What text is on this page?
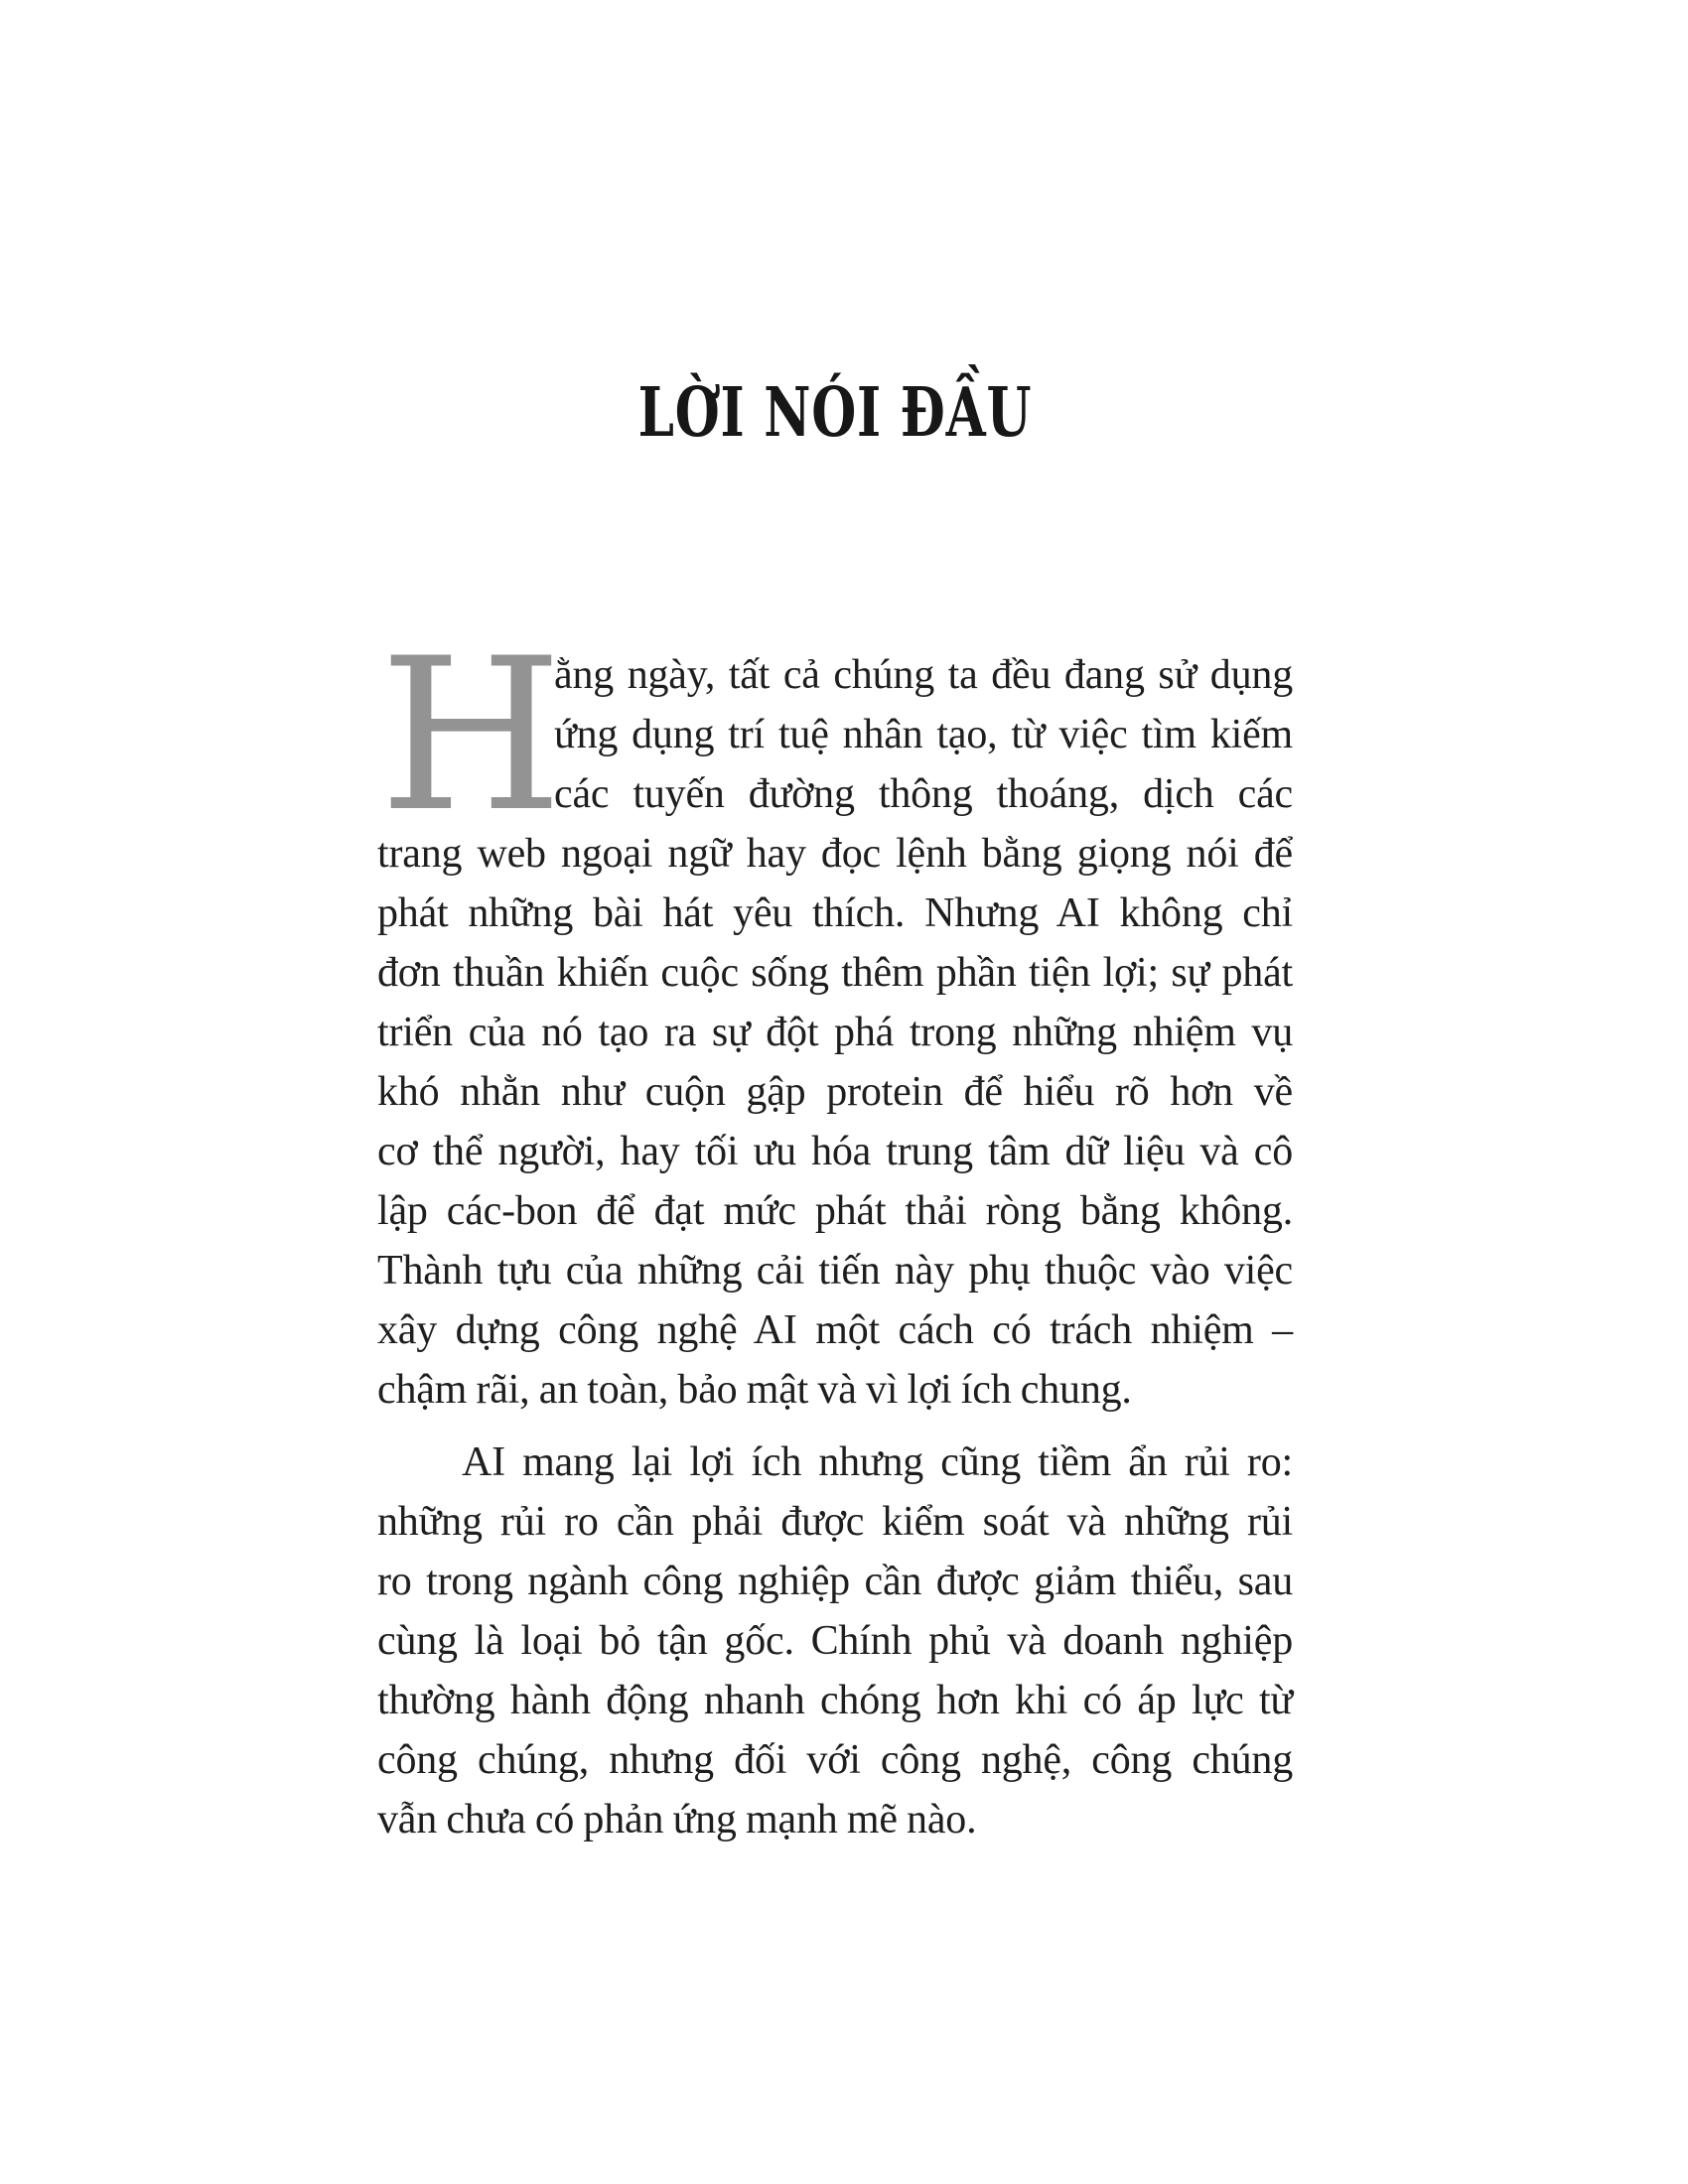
LỜI NÓI ĐẦU
H
ằng ngày, tất cả chúng ta đều đang sử dụng
ứng dụng trí tuệ nhân tạo, từ việc tìm kiếm
các tuyến đường thông thoáng, dịch các
trang web ngoại ngữ hay đọc lệnh bằng giọng nói để
phát những bài hát yêu thích. Nhưng AI không chỉ
đơn thuần khiến cuộc sống thêm phần tiện lợi; sự phát
triển của nó tạo ra sự đột phá trong những nhiệm vụ
khó nhằn như cuộn gập protein để hiểu rõ hơn về
cơ thể người, hay tối ưu hóa trung tâm dữ liệu và cô
lập các-bon để đạt mức phát thải ròng bằng không.
Thành tựu của những cải tiến này phụ thuộc vào việc
xây dựng công nghệ AI một cách có trách nhiệm –
chậm rãi, an toàn, bảo mật và vì lợi ích chung.
AI mang lại lợi ích nhưng cũng tiềm ẩn rủi ro:
những rủi ro cần phải được kiểm soát và những rủi
ro trong ngành công nghiệp cần được giảm thiểu, sau
cùng là loại bỏ tận gốc. Chính phủ và doanh nghiệp
thường hành động nhanh chóng hơn khi có áp lực từ
công chúng, nhưng đối với công nghệ, công chúng
vẫn chưa có phản ứng mạnh mẽ nào.
